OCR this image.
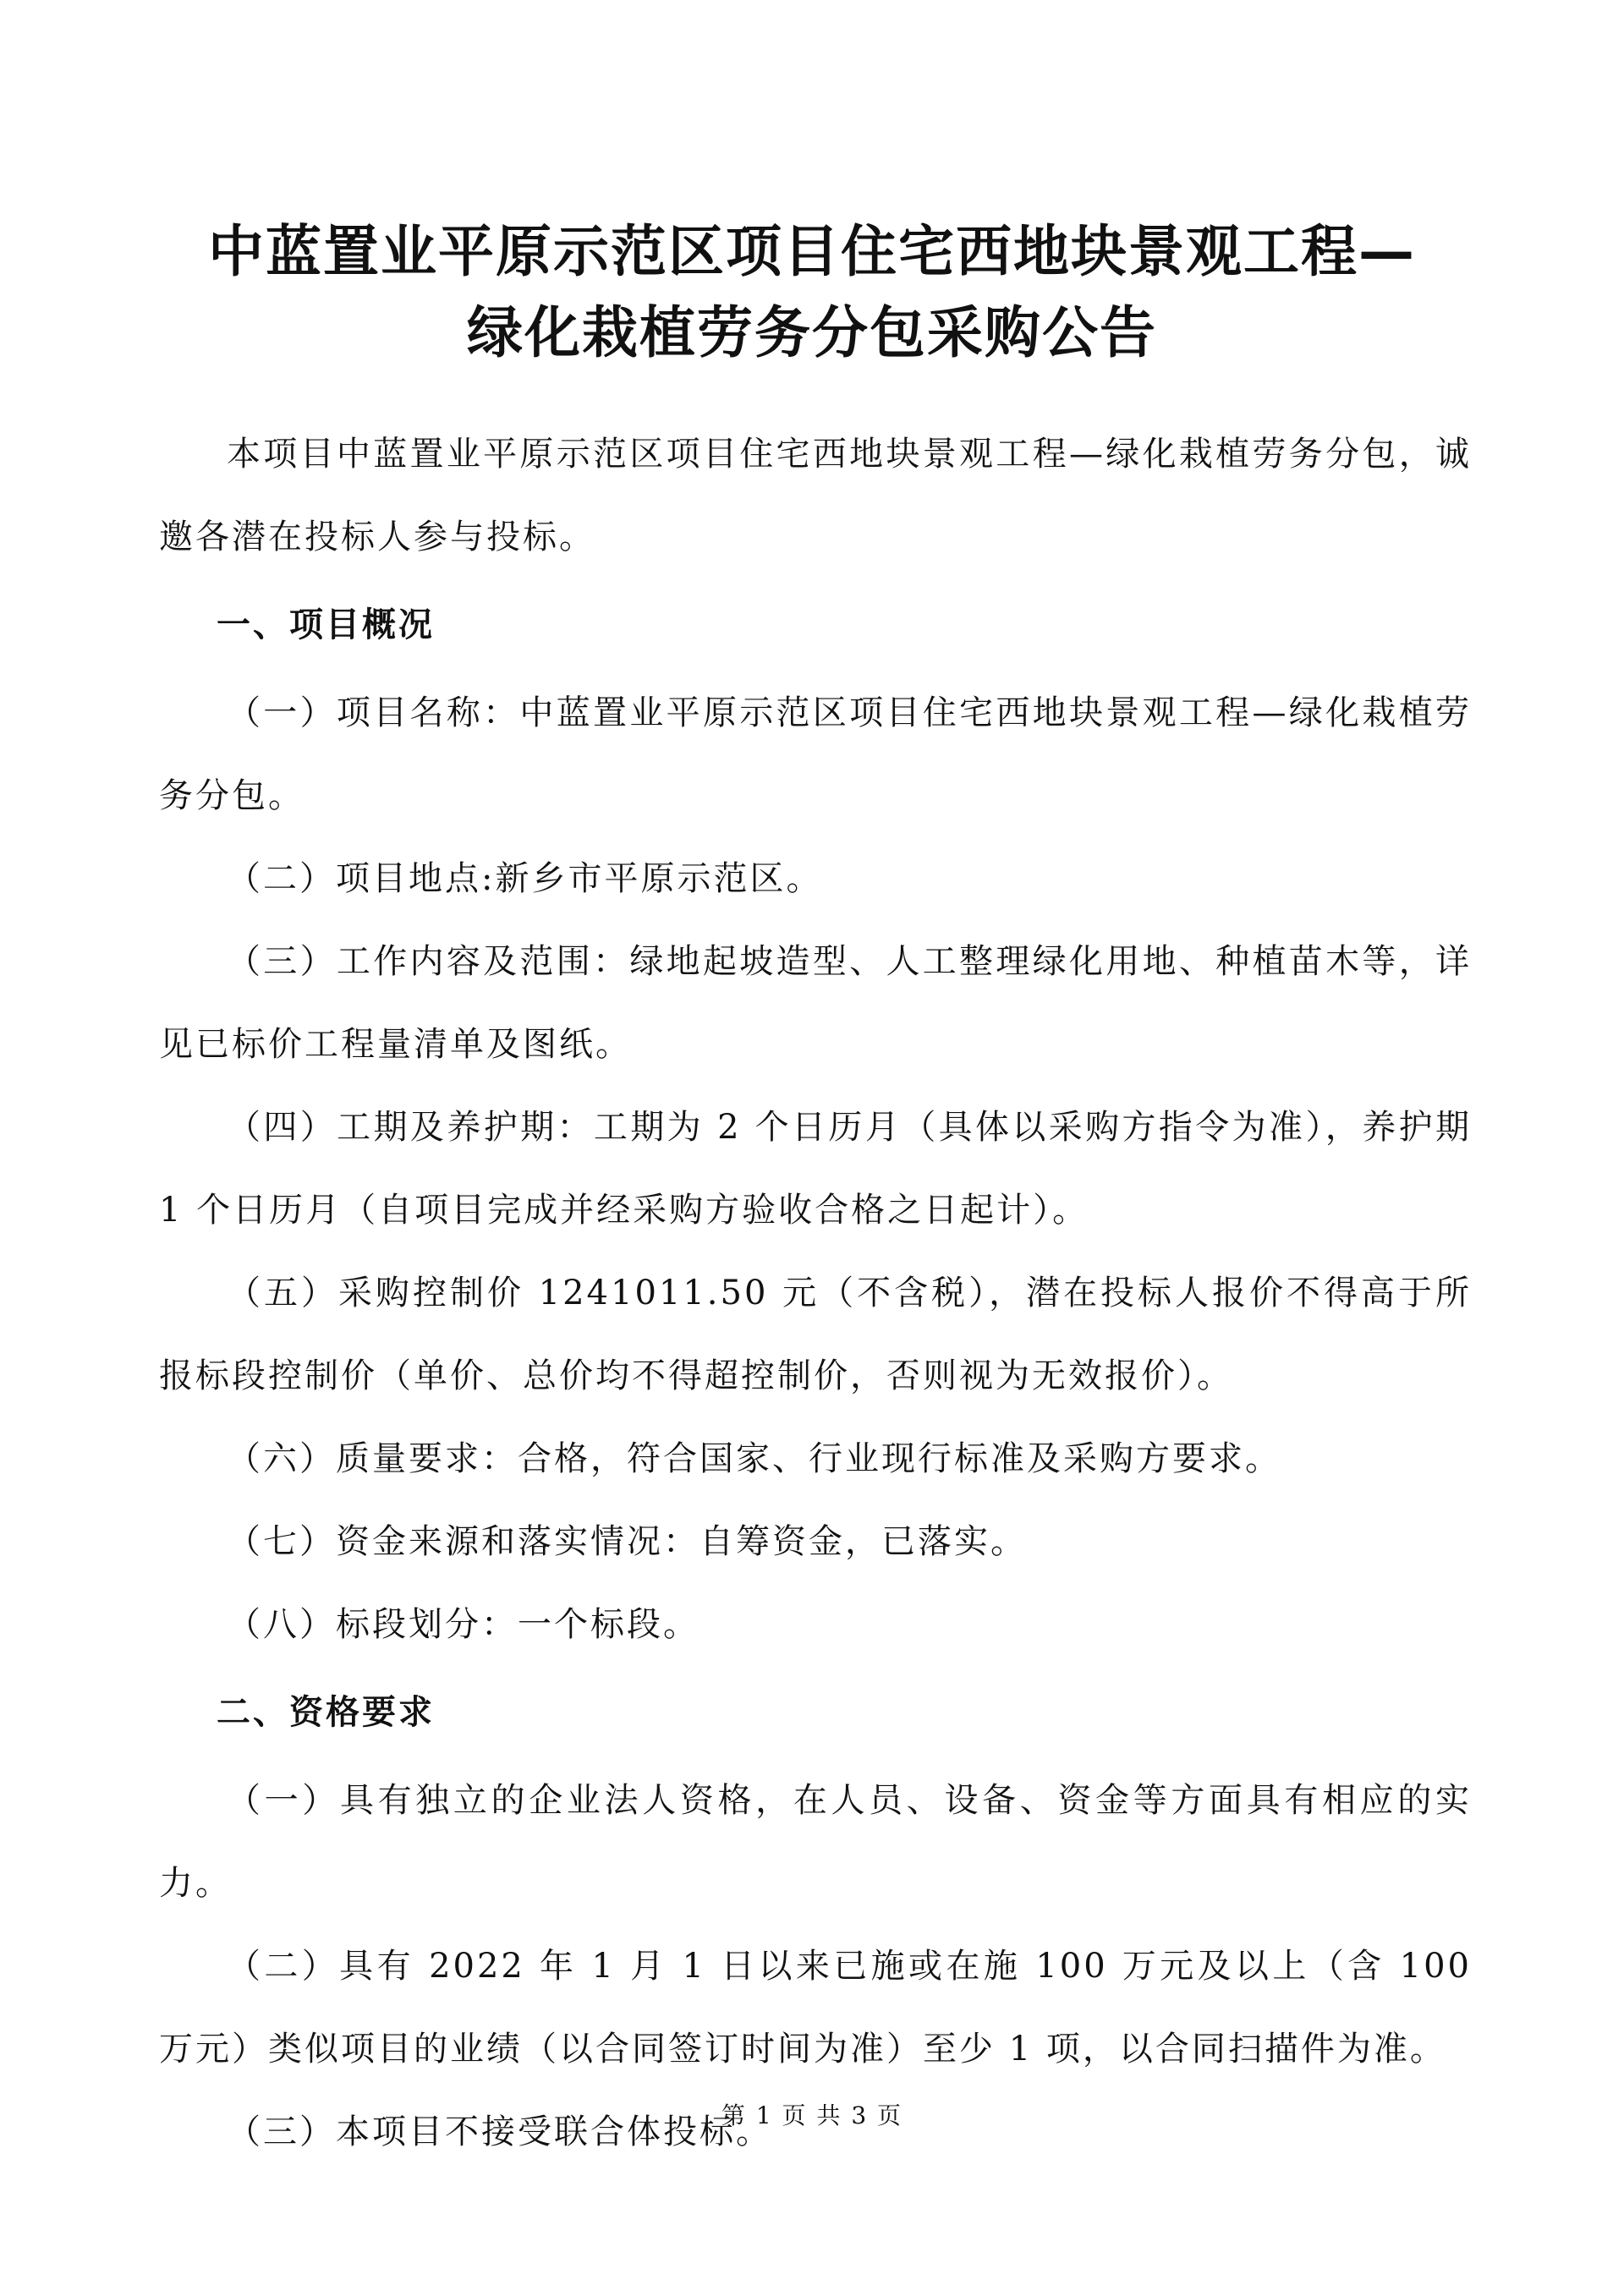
中蓝置业平原示范区项目住宅西地块景观工程—
绿化栽植劳务分包采购公告

本项目中蓝置业平原示范区项目住宅西地块景观工程—绿化栽植劳务分包，诚邀各潜在投标人参与投标。

一、项目概况

（一）项目名称：中蓝置业平原示范区项目住宅西地块景观工程—绿化栽植劳务分包。

（二）项目地点:新乡市平原示范区。

（三）工作内容及范围：绿地起坡造型、人工整理绿化用地、种植苗木等，详见已标价工程量清单及图纸。

（四）工期及养护期：工期为 2 个日历月（具体以采购方指令为准），养护期 1 个日历月（自项目完成并经采购方验收合格之日起计）。

（五）采购控制价 1241011.50 元（不含税），潜在投标人报价不得高于所报标段控制价（单价、总价均不得超控制价，否则视为无效报价）。

（六）质量要求：合格，符合国家、行业现行标准及采购方要求。

（七）资金来源和落实情况：自筹资金，已落实。

（八）标段划分：一个标段。

二、资格要求

（一）具有独立的企业法人资格，在人员、设备、资金等方面具有相应的实力。

（二）具有 2022 年 1 月 1 日以来已施或在施 100 万元及以上（含 100 万元）类似项目的业绩（以合同签订时间为准）至少 1 项，以合同扫描件为准。

（三）本项目不接受联合体投标。

第 1 页 共 3 页
